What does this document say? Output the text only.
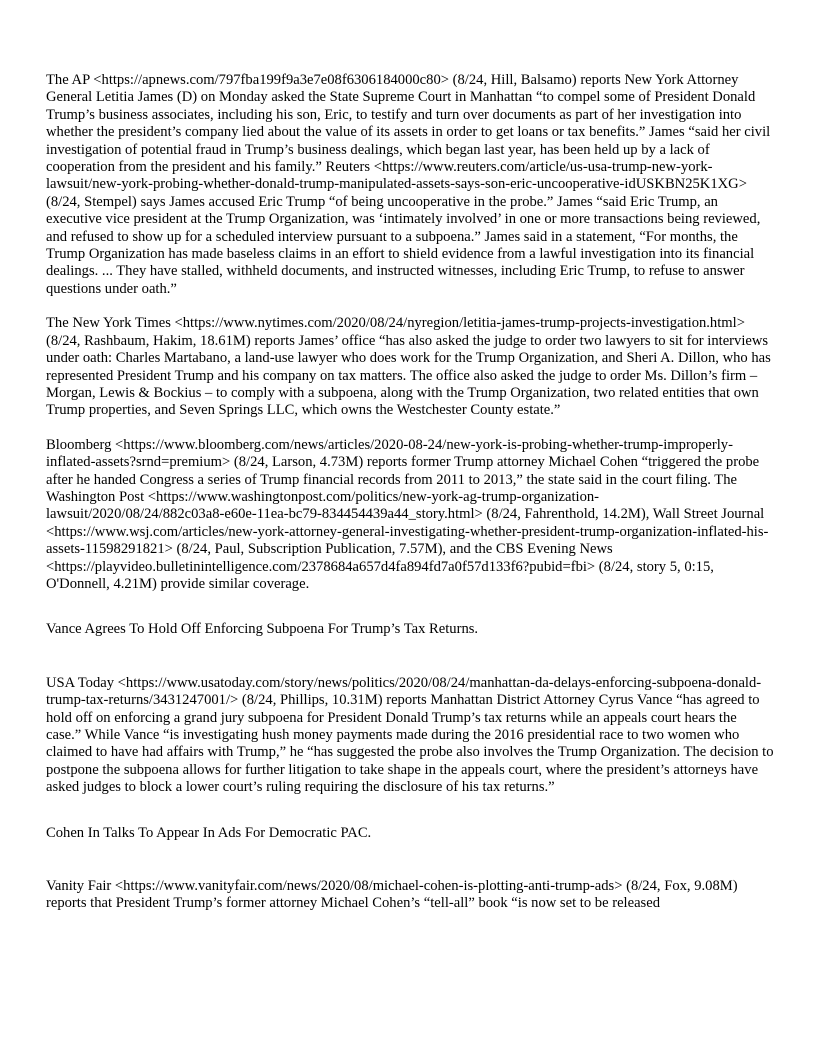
The AP <https://apnews.com/797fba199f9a3e7e08f6306184000c80> (8/24, Hill, Balsamo) reports New York Attorney General Letitia James (D) on Monday asked the State Supreme Court in Manhattan “to compel some of President Donald Trump’s business associates, including his son, Eric, to testify and turn over documents as part of her investigation into whether the president’s company lied about the value of its assets in order to get loans or tax benefits.” James “said her civil investigation of potential fraud in Trump’s business dealings, which began last year, has been held up by a lack of cooperation from the president and his family.” Reuters <https://www.reuters.com/article/us-usa-trump-new-york-lawsuit/new-york-probing-whether-donald-trump-manipulated-assets-says-son-eric-uncooperative-idUSKBN25K1XG> (8/24, Stempel) says James accused Eric Trump “of being uncooperative in the probe.” James “said Eric Trump, an executive vice president at the Trump Organization, was ‘intimately involved’ in one or more transactions being reviewed, and refused to show up for a scheduled interview pursuant to a subpoena.” James said in a statement, “For months, the Trump Organization has made baseless claims in an effort to shield evidence from a lawful investigation into its financial dealings. ... They have stalled, withheld documents, and instructed witnesses, including Eric Trump, to refuse to answer questions under oath.”

The New York Times <https://www.nytimes.com/2020/08/24/nyregion/letitia-james-trump-projects-investigation.html> (8/24, Rashbaum, Hakim, 18.61M) reports James’ office “has also asked the judge to order two lawyers to sit for interviews under oath: Charles Martabano, a land-use lawyer who does work for the Trump Organization, and Sheri A. Dillon, who has represented President Trump and his company on tax matters. The office also asked the judge to order Ms. Dillon’s firm – Morgan, Lewis & Bockius – to comply with a subpoena, along with the Trump Organization, two related entities that own Trump properties, and Seven Springs LLC, which owns the Westchester County estate.”

Bloomberg <https://www.bloomberg.com/news/articles/2020-08-24/new-york-is-probing-whether-trump-improperly-inflated-assets?srnd=premium> (8/24, Larson, 4.73M) reports former Trump attorney Michael Cohen “triggered the probe after he handed Congress a series of Trump financial records from 2011 to 2013,” the state said in the court filing. The Washington Post <https://www.washingtonpost.com/politics/new-york-ag-trump-organization-lawsuit/2020/08/24/882c03a8-e60e-11ea-bc79-834454439a44_story.html> (8/24, Fahrenthold, 14.2M), Wall Street Journal <https://www.wsj.com/articles/new-york-attorney-general-investigating-whether-president-trump-organization-inflated-his-assets-11598291821> (8/24, Paul, Subscription Publication, 7.57M), and the CBS Evening News <https://playvideo.bulletinintelligence.com/2378684a657d4fa894fd7a0f57d133f6?pubid=fbi> (8/24, story 5, 0:15, O'Donnell, 4.21M) provide similar coverage.

Vance Agrees To Hold Off Enforcing Subpoena For Trump’s Tax Returns.

USA Today <https://www.usatoday.com/story/news/politics/2020/08/24/manhattan-da-delays-enforcing-subpoena-donald-trump-tax-returns/3431247001/> (8/24, Phillips, 10.31M) reports Manhattan District Attorney Cyrus Vance “has agreed to hold off on enforcing a grand jury subpoena for President Donald Trump’s tax returns while an appeals court hears the case.” While Vance “is investigating hush money payments made during the 2016 presidential race to two women who claimed to have had affairs with Trump,” he “has suggested the probe also involves the Trump Organization. The decision to postpone the subpoena allows for further litigation to take shape in the appeals court, where the president’s attorneys have asked judges to block a lower court’s ruling requiring the disclosure of his tax returns.”

Cohen In Talks To Appear In Ads For Democratic PAC.

Vanity Fair <https://www.vanityfair.com/news/2020/08/michael-cohen-is-plotting-anti-trump-ads> (8/24, Fox, 9.08M) reports that President Trump’s former attorney Michael Cohen’s “tell-all” book “is now set to be released
